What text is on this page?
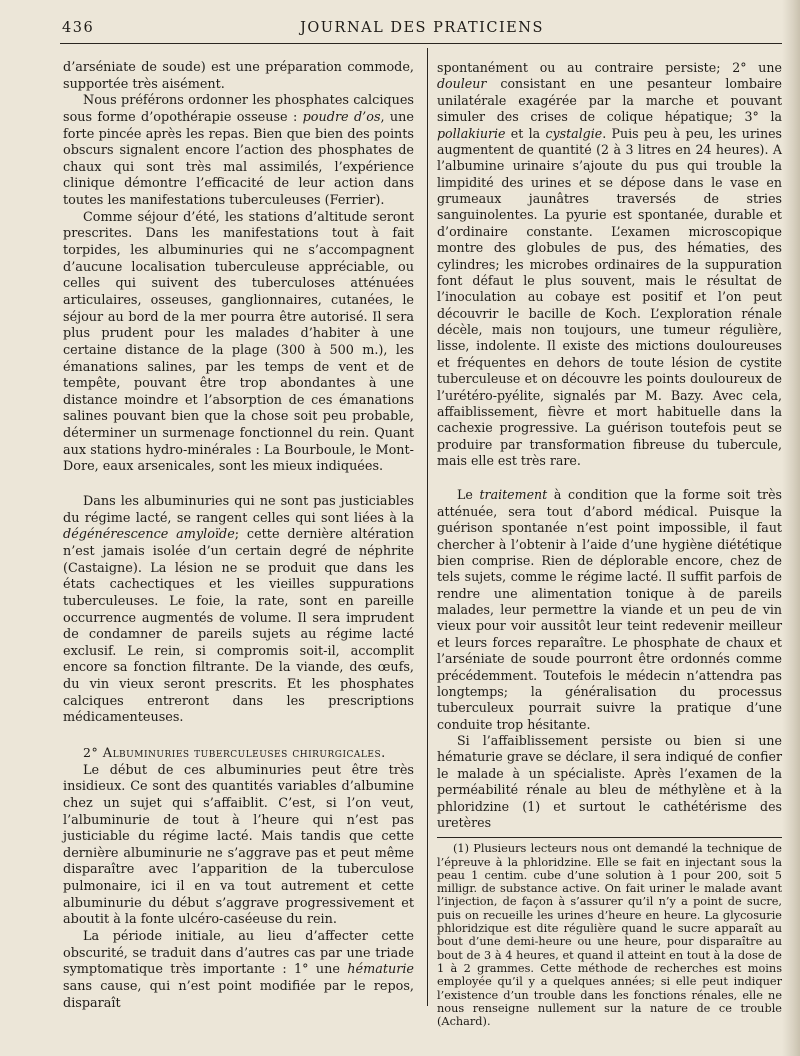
436	JOURNAL DES PRATICIENS

d’arséniate de soude) est une préparation commode, supportée très aisément.

Nous préférons ordonner les phosphates calciques sous forme d’opothérapie osseuse : poudre d’os, une forte pincée après les repas. Bien que bien des points obscurs signalent encore l’action des phosphates de chaux qui sont très mal assimilés, l’expérience clinique démontre l’efficacité de leur action dans toutes les manifestations tuberculeuses (Ferrier).

Comme séjour d’été, les stations d’altitude seront prescrites. Dans les manifestations tout à fait torpides, les albuminuries qui ne s’accompagnent d’aucune localisation tuberculeuse appréciable, ou celles qui suivent des tuberculoses atténuées articulaires, osseuses, ganglionnaires, cutanées, le séjour au bord de la mer pourra être autorisé. Il sera plus prudent pour les malades d’habiter à une certaine distance de la plage (300 à 500 m.), les émanations salines, par les temps de vent et de tempête, pouvant être trop abondantes à une distance moindre et l’absorption de ces émanations salines pouvant bien que la chose soit peu probable, déterminer un surmenage fonctionnel du rein. Quant aux stations hydro-minérales : La Bourboule, le Mont-Dore, eaux arsenicales, sont les mieux indiquées.

Dans les albuminuries qui ne sont pas justiciables du régime lacté, se rangent celles qui sont liées à la dégénérescence amyloïde; cette dernière altération n’est jamais isolée d’un certain degré de néphrite (Castaigne). La lésion ne se produit que dans les états cachectiques et les vieilles suppurations tuberculeuses. Le foie, la rate, sont en pareille occurrence augmentés de volume. Il sera imprudent de condamner de pareils sujets au régime lacté exclusif. Le rein, si compromis soit-il, accomplit encore sa fonction filtrante. De la viande, des œufs, du vin vieux seront prescrits. Et les phosphates calciques entreront dans les prescriptions médicamenteuses.

2° Albuminuries tuberculeuses chirurgicales.

Le début de ces albuminuries peut être très insidieux. Ce sont des quantités variables d’albumine chez un sujet qui s’affaiblit. C’est, si l’on veut, l’albuminurie de tout à l’heure qui n’est pas justiciable du régime lacté. Mais tandis que cette dernière albuminurie ne s’aggrave pas et peut même disparaître avec l’apparition de la tuberculose pulmonaire, ici il en va tout autrement et cette albuminurie du début s’aggrave progressivement et aboutit à la fonte ulcéro-caséeuse du rein.

La période initiale, au lieu d’affecter cette obscurité, se traduit dans d’autres cas par une triade symptomatique très importante : 1° une hématurie sans cause, qui n’est point modifiée par le repos, disparaît

spontanément ou au contraire persiste; 2° une douleur consistant en une pesanteur lombaire unilatérale exagérée par la marche et pouvant simuler des crises de colique hépatique; 3° la pollakiurie et la cystalgie. Puis peu à peu, les urines augmentent de quantité (2 à 3 litres en 24 heures). A l’albumine urinaire s’ajoute du pus qui trouble la limpidité des urines et se dépose dans le vase en grumeaux jaunâtres traversés de stries sanguinolentes. La pyurie est spontanée, durable et d’ordinaire constante. L’examen microscopique montre des globules de pus, des hématies, des cylindres; les microbes ordinaires de la suppuration font défaut le plus souvent, mais le résultat de l’inoculation au cobaye est positif et l’on peut découvrir le bacille de Koch. L’exploration rénale décèle, mais non toujours, une tumeur régulière, lisse, indolente. Il existe des mictions douloureuses et fréquentes en dehors de toute lésion de cystite tuberculeuse et on découvre les points douloureux de l’urétéro-pyélite, signalés par M. Bazy. Avec cela, affaiblissement, fièvre et mort habituelle dans la cachexie progressive. La guérison toutefois peut se produire par transformation fibreuse du tubercule, mais elle est très rare.

Le traitement à condition que la forme soit très atténuée, sera tout d’abord médical. Puisque la guérison spontanée n’est point impossible, il faut chercher à l’obtenir à l’aide d’une hygiène diététique bien comprise. Rien de déplorable encore, chez de tels sujets, comme le régime lacté. Il suffit parfois de rendre une alimentation tonique à de pareils malades, leur permettre la viande et un peu de vin vieux pour voir aussitôt leur teint redevenir meilleur et leurs forces reparaître. Le phosphate de chaux et l’arséniate de soude pourront être ordonnés comme précédemment. Toutefois le médecin n’attendra pas longtemps; la généralisation du processus tuberculeux pourrait suivre la pratique d’une conduite trop hésitante.

Si l’affaiblissement persiste ou bien si une hématurie grave se déclare, il sera indiqué de confier le malade à un spécialiste. Après l’examen de la perméabilité rénale au bleu de méthylène et à la phloridzine (1) et surtout le cathétérisme des uretères

(1) Plusieurs lecteurs nous ont demandé la technique de l’épreuve à la phloridzine. Elle se fait en injectant sous la peau 1 centim. cube d’une solution à 1 pour 200, soit 5 milligr. de substance active. On fait uriner le malade avant l’injection, de façon à s’assurer qu’il n’y a point de sucre, puis on recueille les urines d’heure en heure. La glycosurie phloridzique est dite régulière quand le sucre apparaît au bout d’une demi-heure ou une heure, pour disparaître au bout de 3 à 4 heures, et quand il atteint en tout à la dose de 1 à 2 grammes. Cette méthode de recherches est moins employée qu’il y a quelques années; si elle peut indiquer l’existence d’un trouble dans les fonctions rénales, elle ne nous renseigne nullement sur la nature de ce trouble (Achard).
